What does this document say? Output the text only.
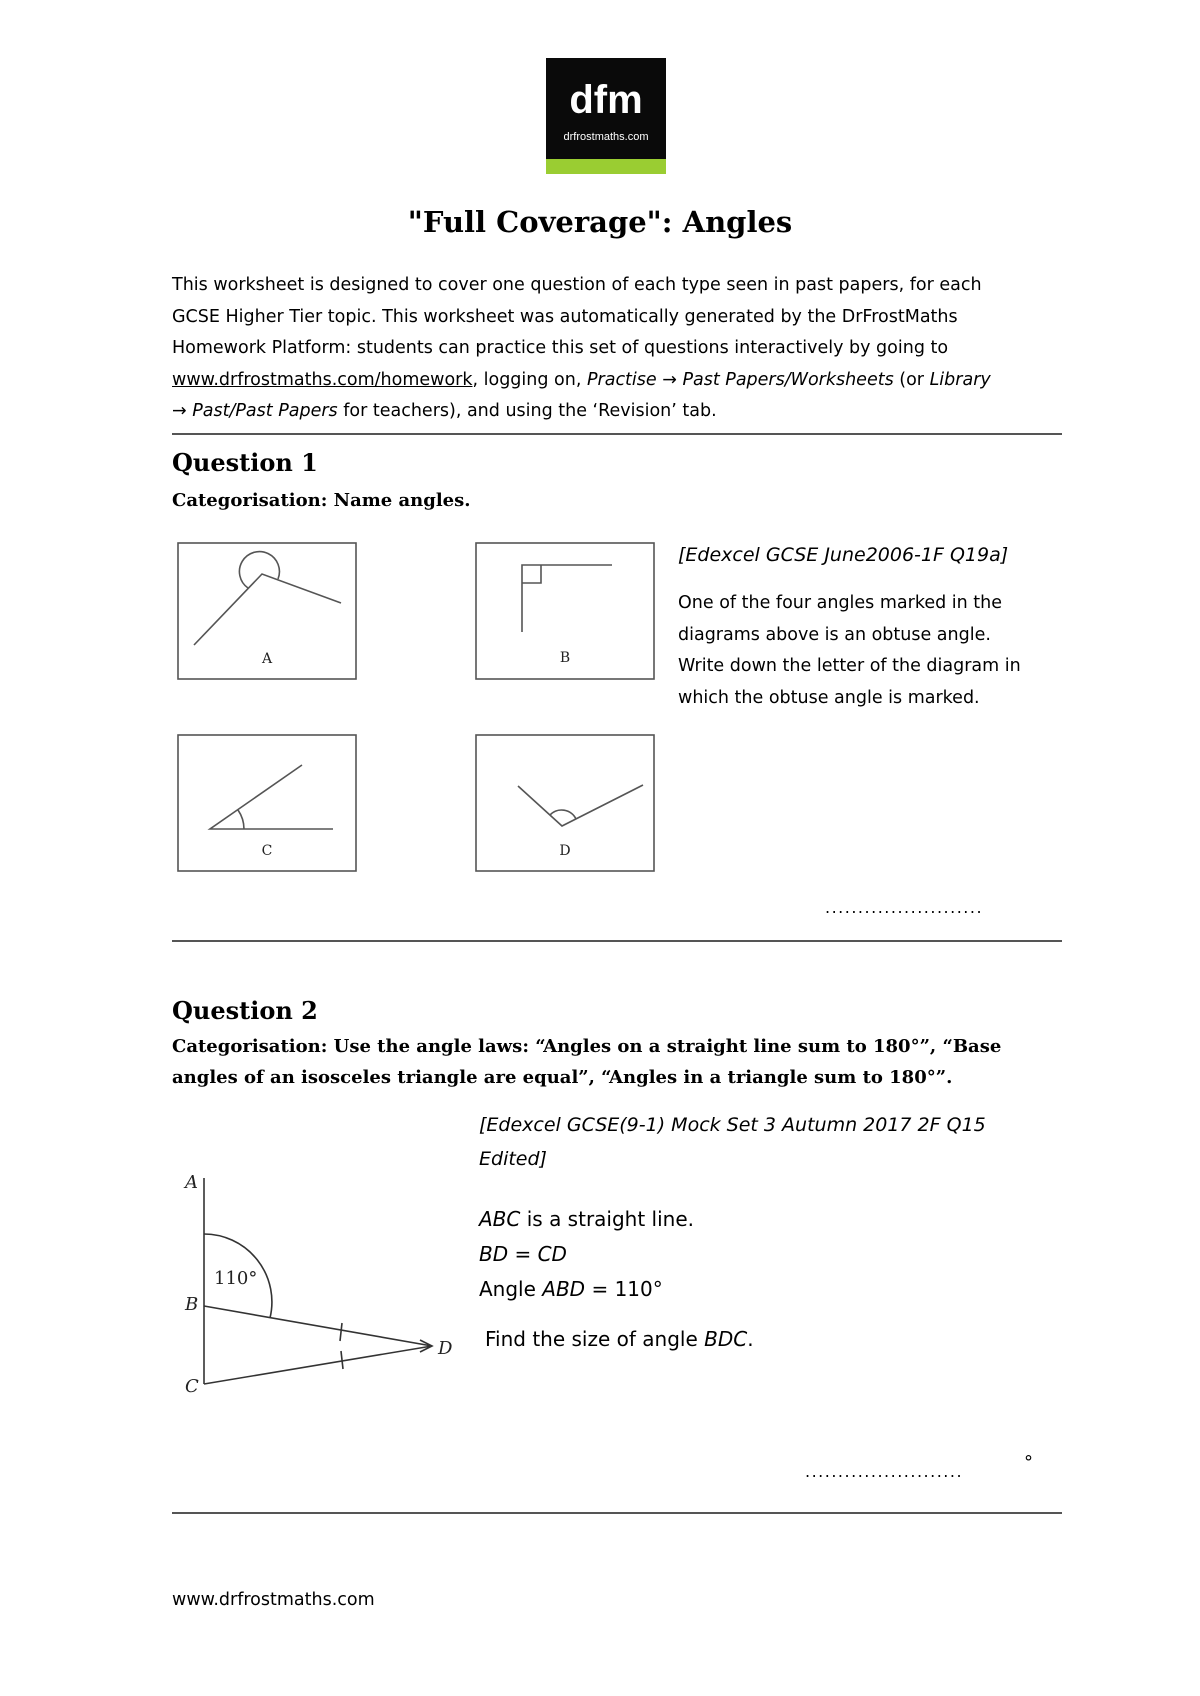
dfm
drfrostmaths.com
"Full Coverage": Angles
This worksheet is designed to cover one question of each type seen in past papers, for each
GCSE Higher Tier topic. This worksheet was automatically generated by the DrFrostMaths
Homework Platform: students can practice this set of questions interactively by going to
www.drfrostmaths.com/homework, logging on, Practise → Past Papers/Worksheets (or Library
→ Past/Past Papers for teachers), and using the ‘Revision’ tab.
Question 1
Categorisation: Name angles.
A	B
C	D
[Edexcel GCSE June2006-1F Q19a]
One of the four angles marked in the diagrams above is an obtuse angle. Write down the letter of the diagram in which the obtuse angle is marked.
........................
Question 2
Categorisation: Use the angle laws: “Angles on a straight line sum to 180°”, “Base
angles of an isosceles triangle are equal”, “Angles in a triangle sum to 180°”.
A
B
C
D
110°
[Edexcel GCSE(9-1) Mock Set 3 Autumn 2017 2F Q15 Edited]
ABC is a straight line.
BD = CD
Angle ABD = 110°
Find the size of angle BDC.
........................	°
www.drfrostmaths.com
